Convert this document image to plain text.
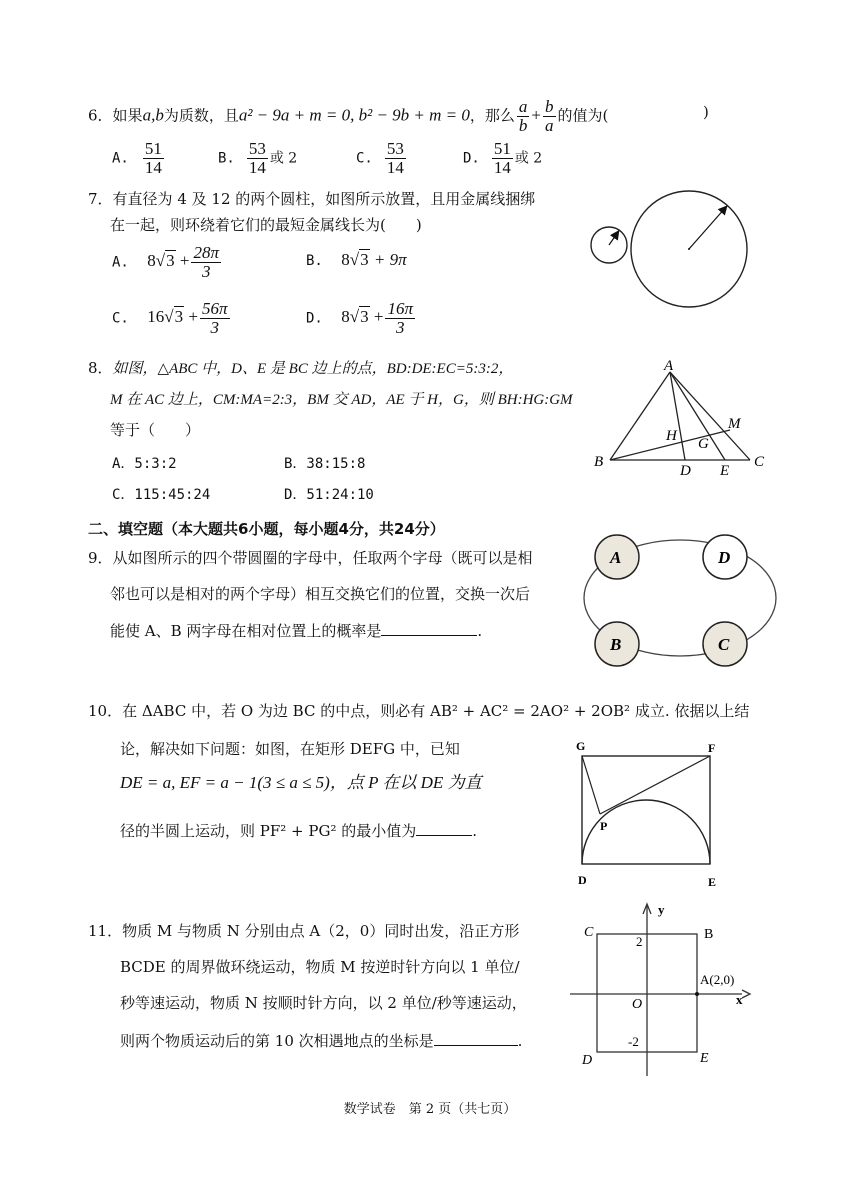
6．如果a,b为质数，且a² − 9a + m = 0, b² − 9b + m = 0，那么 $\frac{a}{b} + \frac{b}{a}$ 的值为(	)
A. $\frac{51}{14}$	B. $\frac{53}{14}$ 或 2	C. $\frac{53}{14}$	D. $\frac{51}{14}$ 或 2
7．有直径为 4 及 12 的两个圆柱，如图所示放置，且用金属线捆绑
在一起，则环绕着它们的最短金属线长为(　　)
A. $8√3 + \frac{28\pi}{3}$	B. 8√3 + 9π
C. $16√3 + \frac{56\pi}{3}$	D. $8√3 + \frac{16\pi}{3}$
8．如图，△ABC 中，D、E 是 BC 边上的点，BD:DE:EC=5:3:2，
M 在 AC 边上，CM:MA=2:3，BM 交 AD，AE 于 H，G，则 BH:HG:GM
等于（　　）
A．5:3:2	B．38:15:8
C．115:45:24	D．51:24:10
A
B	C
D E
H G
M
二、填空题（本大题共6小题，每小题4分，共24分）
9．从如图所示的四个带圆圈的字母中，任取两个字母（既可以是相
邻也可以是相对的两个字母）相互交换它们的位置，交换一次后
能使 A、B 两字母在相对位置上的概率是	.
A	D
B	C
10．在 ΔABC 中，若 O 为边 BC 的中点，则必有 AB² + AC² = 2AO² + 2OB² 成立. 依据以上结
论，解决如下问题：如图，在矩形 DEFG 中，已知
DE = a, EF = a − 1(3 ≤ a ≤ 5)，点 P 在以 DE 为直
径的半圆上运动，则 PF² + PG² 的最小值为	.
G	F
P
D	E
11．物质 M 与物质 N 分别由点 A（2，0）同时出发，沿正方形
BCDE 的周界做环绕运动，物质 M 按逆时针方向以 1 单位/
秒等速运动，物质 N 按顺时针方向，以 2 单位/秒等速运动，
则两个物质运动后的第 10 次相遇地点的坐标是	.
y
x
C	B
2
A(2,0)
O
-2
D	E
数学试卷　第 2 页（共七页）
